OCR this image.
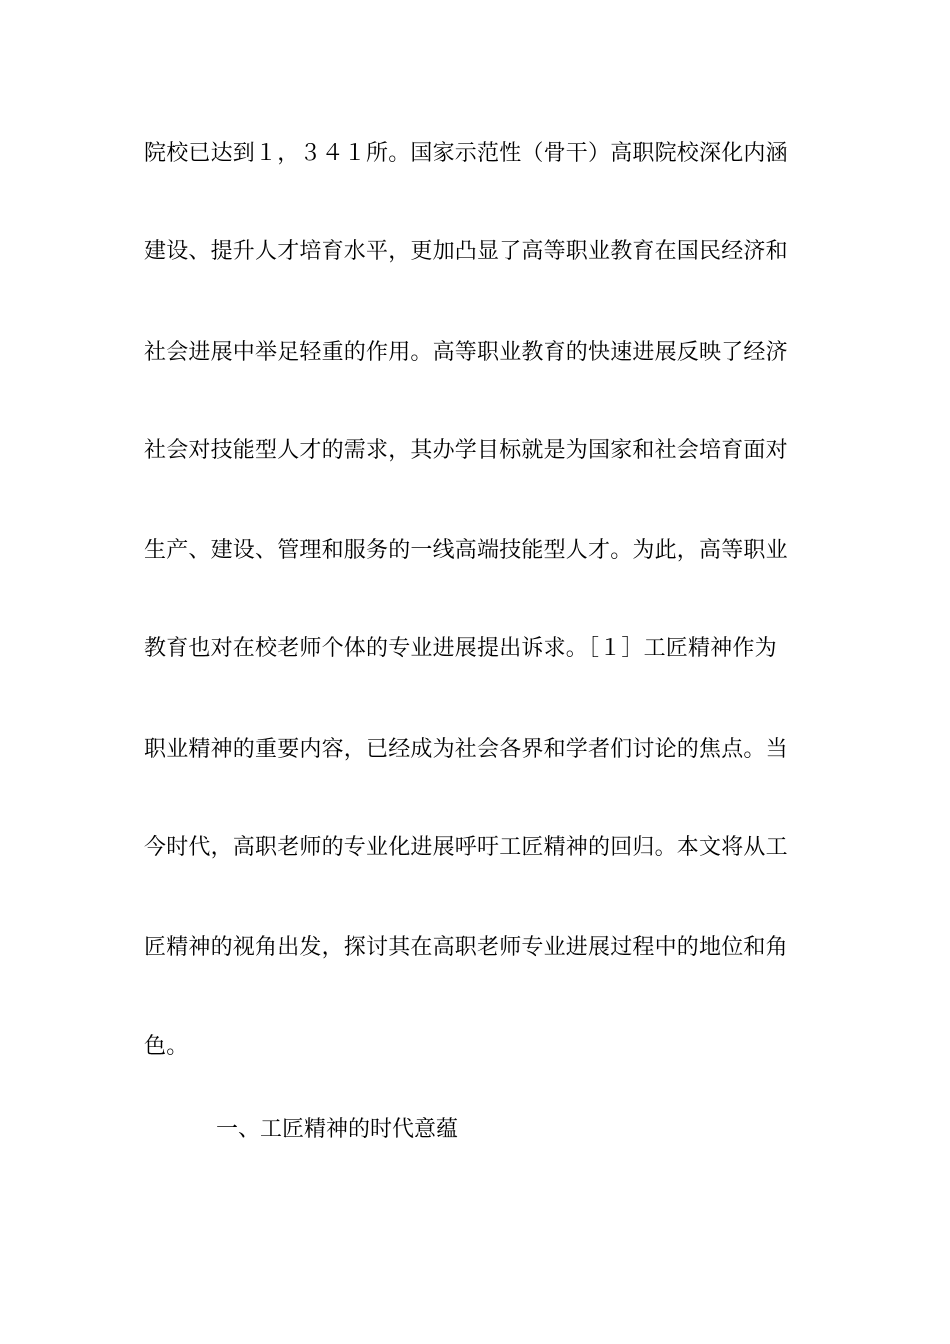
院校已达到１，３４１所。国家示范性（骨干）高职院校深化内涵
建设、提升人才培育水平，更加凸显了高等职业教育在国民经济和
社会进展中举足轻重的作用。高等职业教育的快速进展反映了经济
社会对技能型人才的需求，其办学目标就是为国家和社会培育面对
生产、建设、管理和服务的一线高端技能型人才。为此，高等职业
教育也对在校老师个体的专业进展提出诉求。［１］工匠精神作为
职业精神的重要内容，已经成为社会各界和学者们讨论的焦点。当
今时代，高职老师的专业化进展呼吁工匠精神的回归。本文将从工
匠精神的视角出发，探讨其在高职老师专业进展过程中的地位和角
色。
一、工匠精神的时代意蕴
